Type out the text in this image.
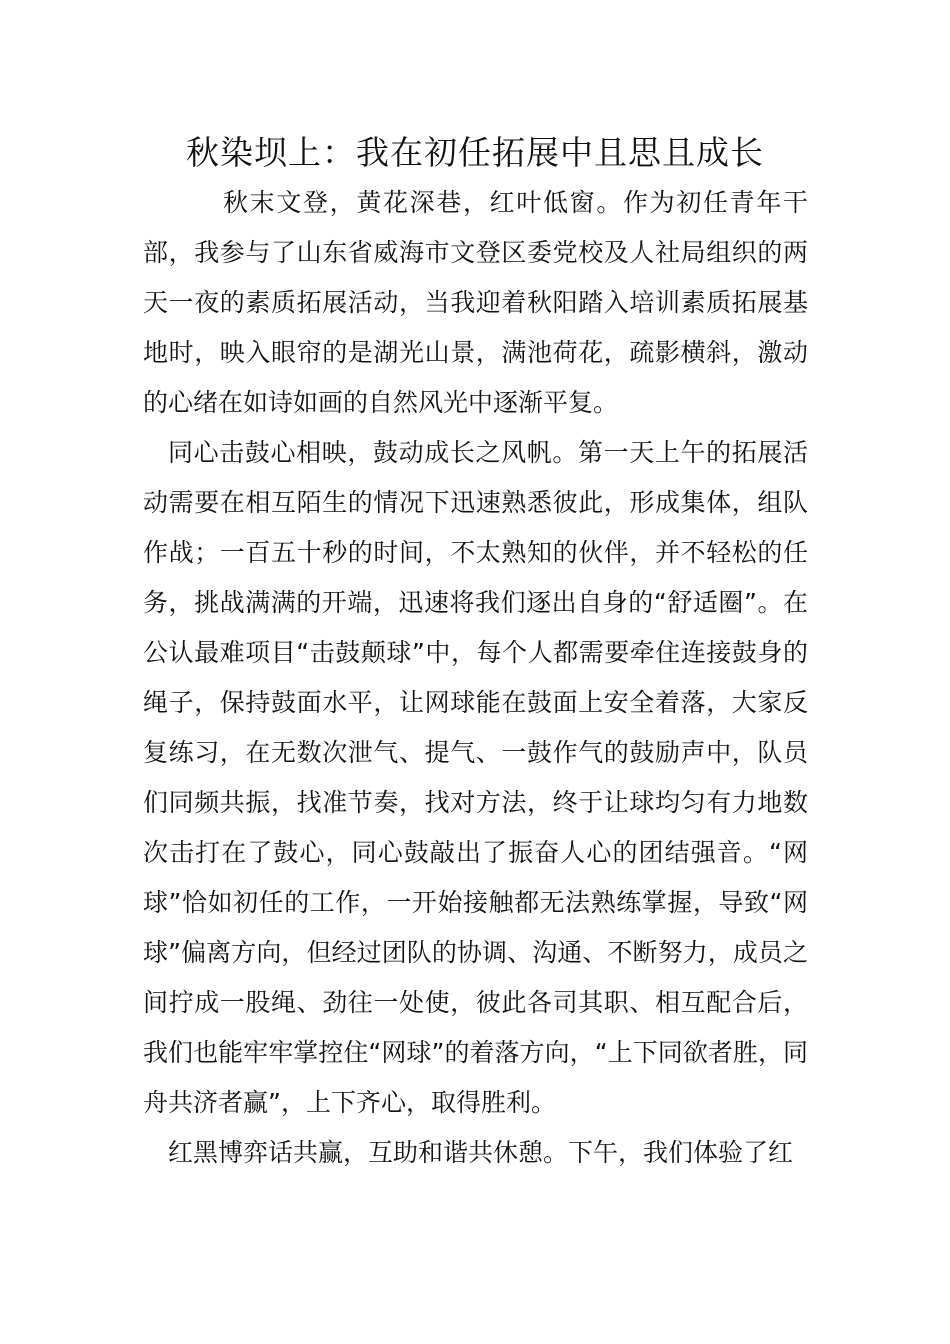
秋染坝上：我在初任拓展中且思且成长

秋末文登，黄花深巷，红叶低窗。作为初任青年干部，我参与了山东省威海市文登区委党校及人社局组织的两天一夜的素质拓展活动，当我迎着秋阳踏入培训素质拓展基地时，映入眼帘的是湖光山景，满池荷花，疏影横斜，激动的心绪在如诗如画的自然风光中逐渐平复。

同心击鼓心相映，鼓动成长之风帆。第一天上午的拓展活动需要在相互陌生的情况下迅速熟悉彼此，形成集体，组队作战；一百五十秒的时间，不太熟知的伙伴，并不轻松的任务，挑战满满的开端，迅速将我们逐出自身的“舒适圈”。在公认最难项目“击鼓颠球”中，每个人都需要牵住连接鼓身的绳子，保持鼓面水平，让网球能在鼓面上安全着落，大家反复练习，在无数次泄气、提气、一鼓作气的鼓励声中，队员们同频共振，找准节奏，找对方法，终于让球均匀有力地数次击打在了鼓心，同心鼓敲出了振奋人心的团结强音。“网球”恰如初任的工作，一开始接触都无法熟练掌握，导致“网球”偏离方向，但经过团队的协调、沟通、不断努力，成员之间拧成一股绳、劲往一处使，彼此各司其职、相互配合后，我们也能牢牢掌控住“网球”的着落方向，“上下同欲者胜，同舟共济者赢”，上下齐心，取得胜利。

红黑博弈话共赢，互助和谐共休憩。下午，我们体验了红
